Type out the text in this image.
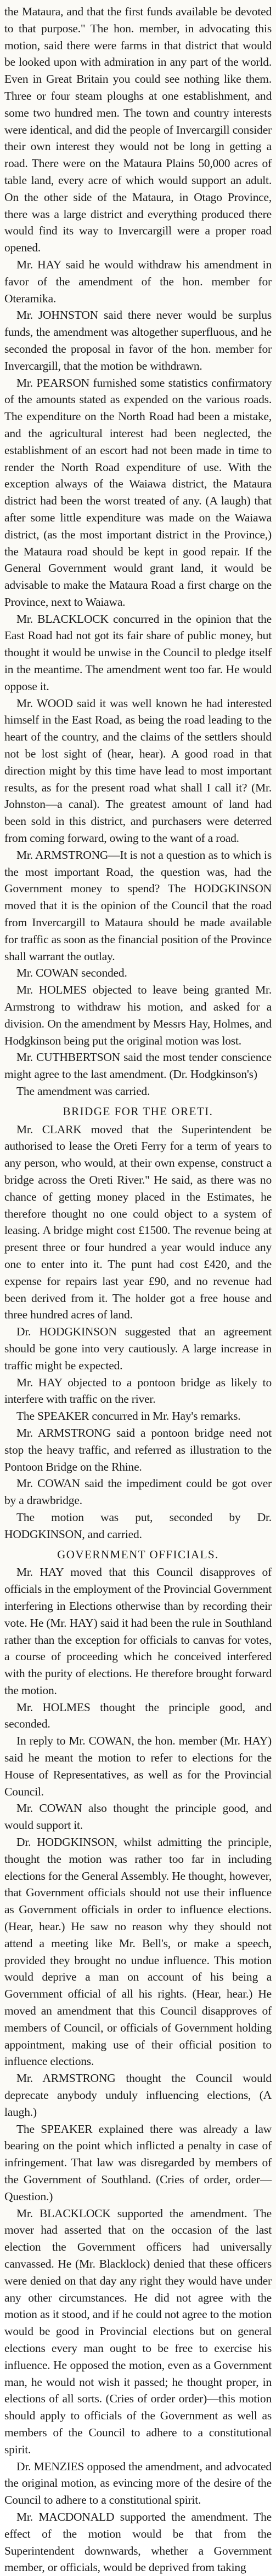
the Mataura, and that the first funds available be devoted to that purpose." The hon. member, in advocating this motion, said there were farms in that district that would be looked upon with admiration in any part of the world. Even in Great Britain you could see nothing like them. Three or four steam ploughs at one establishment, and some two hundred men. The town and country interests were identical, and did the people of Invercargill consider their own interest they would not be long in getting a road. There were on the Mataura Plains 50,000 acres of table land, every acre of which would support an adult. On the other side of the Mataura, in Otago Province, there was a large district and everything produced there would find its way to Invercargill were a proper road opened.

Mr. HAY said he would withdraw his amendment in favor of the amendment of the hon. member for Oteramika.

Mr. JOHNSTON said there never would be surplus funds, the amendment was altogether superfluous, and he seconded the proposal in favor of the hon. member for Invercargill, that the motion be withdrawn.

Mr. PEARSON furnished some statistics confirmatory of the amounts stated as expended on the various roads. The expenditure on the North Road had been a mistake, and the agricultural interest had been neglected, the establishment of an escort had not been made in time to render the North Road expenditure of use. With the exception always of the Waiawa district, the Mataura district had been the worst treated of any. (A laugh) that after some little expenditure was made on the Waiawa district, (as the most important district in the Province,) the Mataura road should be kept in good repair. If the General Government would grant land, it would be advisable to make the Mataura Road a first charge on the Province, next to Waiawa.

Mr. BLACKLOCK concurred in the opinion that the East Road had not got its fair share of public money, but thought it would be unwise in the Council to pledge itself in the meantime. The amendment went too far. He would oppose it.

Mr. WOOD said it was well known he had interested himself in the East Road, as being the road leading to the heart of the country, and the claims of the settlers should not be lost sight of (hear, hear). A good road in that direction might by this time have lead to most important results, as for the present road what shall I call it? (Mr. Johnston—a canal). The greatest amount of land had been sold in this district, and purchasers were deterred from coming forward, owing to the want of a road.

Mr. ARMSTRONG—It is not a question as to which is the most important Road, the question was, had the Government money to spend? The HODGKINSON moved that it is the opinion of the Council that the road from Invercargill to Mataura should be made available for traffic as soon as the financial position of the Province shall warrant the outlay.

Mr. COWAN seconded.

Mr. HOLMES objected to leave being granted Mr. Armstrong to withdraw his motion, and asked for a division. On the amendment by Messrs Hay, Holmes, and Hodgkinson being put the original motion was lost.

Mr. CUTHBERTSON said the most tender conscience might agree to the last amendment. (Dr. Hodgkinson's)

The amendment was carried.

BRIDGE FOR THE ORETI.

Mr. CLARK moved that the Superintendent be authorised to lease the Oreti Ferry for a term of years to any person, who would, at their own expense, construct a bridge across the Oreti River." He said, as there was no chance of getting money placed in the Estimates, he therefore thought no one could object to a system of leasing. A bridge might cost £1500. The revenue being at present three or four hundred a year would induce any one to enter into it. The punt had cost £420, and the expense for repairs last year £90, and no revenue had been derived from it. The holder got a free house and three hundred acres of land.

Dr. HODGKINSON suggested that an agreement should be gone into very cautiously. A large increase in traffic might be expected.

Mr. HAY objected to a pontoon bridge as likely to interfere with traffic on the river.

The SPEAKER concurred in Mr. Hay's remarks.

Mr. ARMSTRONG said a pontoon bridge need not stop the heavy traffic, and referred as illustration to the Pontoon Bridge on the Rhine.

Mr. COWAN said the impediment could be got over by a drawbridge.

The motion was put, seconded by Dr. HODGKINSON, and carried.

GOVERNMENT OFFICIALS.

Mr. HAY moved that this Council disapproves of officials in the employment of the Provincial Government interfering in Elections otherwise than by recording their vote. He (Mr. HAY) said it had been the rule in Southland rather than the exception for officials to canvas for votes, a course of proceeding which he conceived interfered with the purity of elections. He therefore brought forward the motion.

Mr. HOLMES thought the principle good, and seconded.

In reply to Mr. COWAN, the hon. member (Mr. HAY) said he meant the motion to refer to elections for the House of Representatives, as well as for the Provincial Council.

Mr. COWAN also thought the principle good, and would support it.

Dr. HODGKINSON, whilst admitting the principle, thought the motion was rather too far in including elections for the General Assembly. He thought, however, that Government officials should not use their influence as Government officials in order to influence elections. (Hear, hear.) He saw no reason why they should not attend a meeting like Mr. Bell's, or make a speech, provided they brought no undue influence. This motion would deprive a man on account of his being a Government official of all his rights. (Hear, hear.) He moved an amendment that this Council disapproves of members of Council, or officials of Government holding appointment, making use of their official position to influence elections.

Mr. ARMSTRONG thought the Council would deprecate anybody unduly influencing elections, (A laugh.)

The SPEAKER explained there was already a law bearing on the point which inflicted a penalty in case of infringement. That law was disregarded by members of the Government of Southland. (Cries of order, order—Question.)

Mr. BLACKLOCK supported the amendment. The mover had asserted that on the occasion of the last election the Government officers had universally canvassed. He (Mr. Blacklock) denied that these officers were denied on that day any right they would have under any other circumstances. He did not agree with the motion as it stood, and if he could not agree to the motion would be good in Provincial elections but on general elections every man ought to be free to exercise his influence. He opposed the motion, even as a Government man, he would not wish it passed; he thought proper, in elections of all sorts. (Cries of order order)—this motion should apply to officials of the Government as well as members of the Council to adhere to a constitutional spirit.

Dr. MENZIES opposed the amendment, and advocated the original motion, as evincing more of the desire of the Council to adhere to a constitutional spirit.

Mr. MACDONALD supported the amendment. The effect of the motion would be that from the Superintendent downwards, whether a Government member, or officials, would be deprived from taking
